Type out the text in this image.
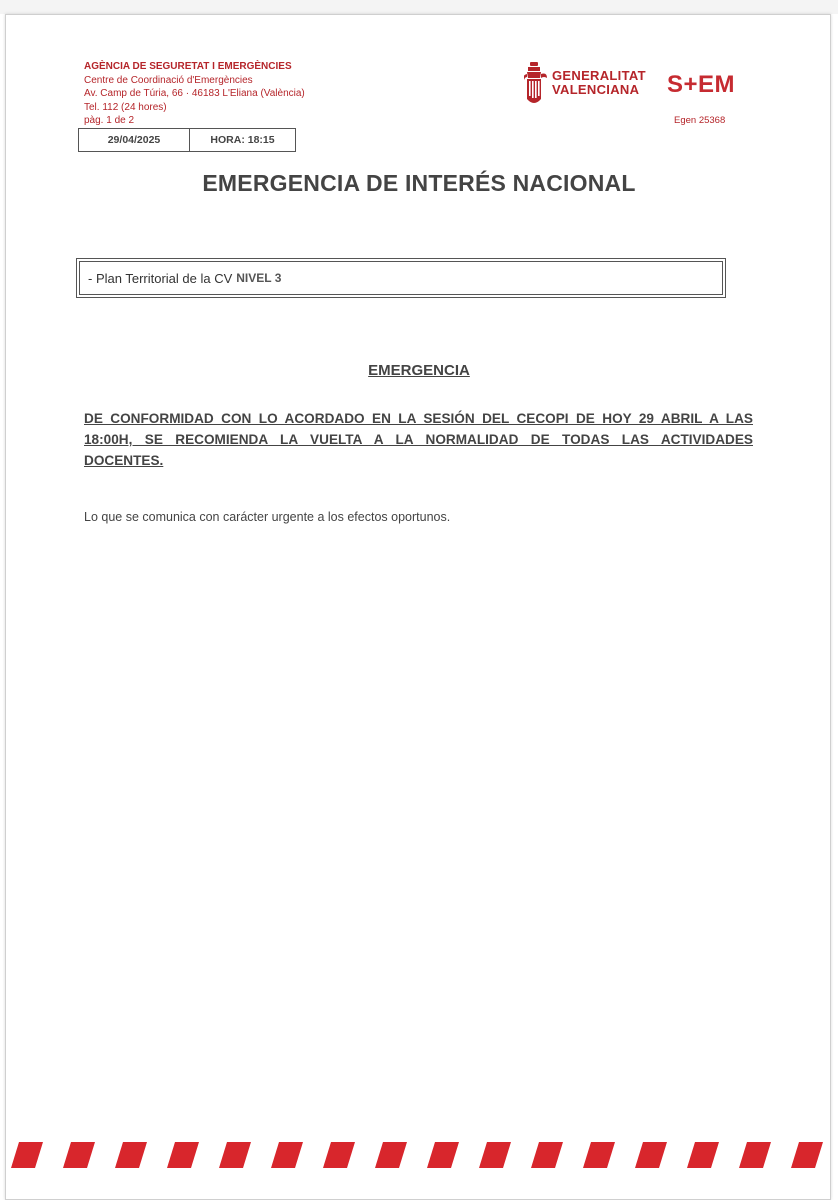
AGÈNCIA DE SEGURETAT I EMERGÈNCIES
Centre de Coordinació d'Emergències
Av. Camp de Túria, 66 · 46183 L'Eliana (València)
Tel. 112 (24 hores)
pàg. 1 de 2
29/04/2025	HORA: 18:15
GENERALITAT
VALENCIANA S+EM
Egen 25368
EMERGENCIA DE INTERÉS NACIONAL
- Plan Territorial de la CV NIVEL 3
EMERGENCIA
DE CONFORMIDAD CON LO ACORDADO EN LA SESIÓN DEL CECOPI DE HOY 29 ABRIL A LAS 18:00H, SE RECOMIENDA LA VUELTA A LA NORMALIDAD DE TODAS LAS ACTIVIDADES DOCENTES.
Lo que se comunica con carácter urgente a los efectos oportunos.
